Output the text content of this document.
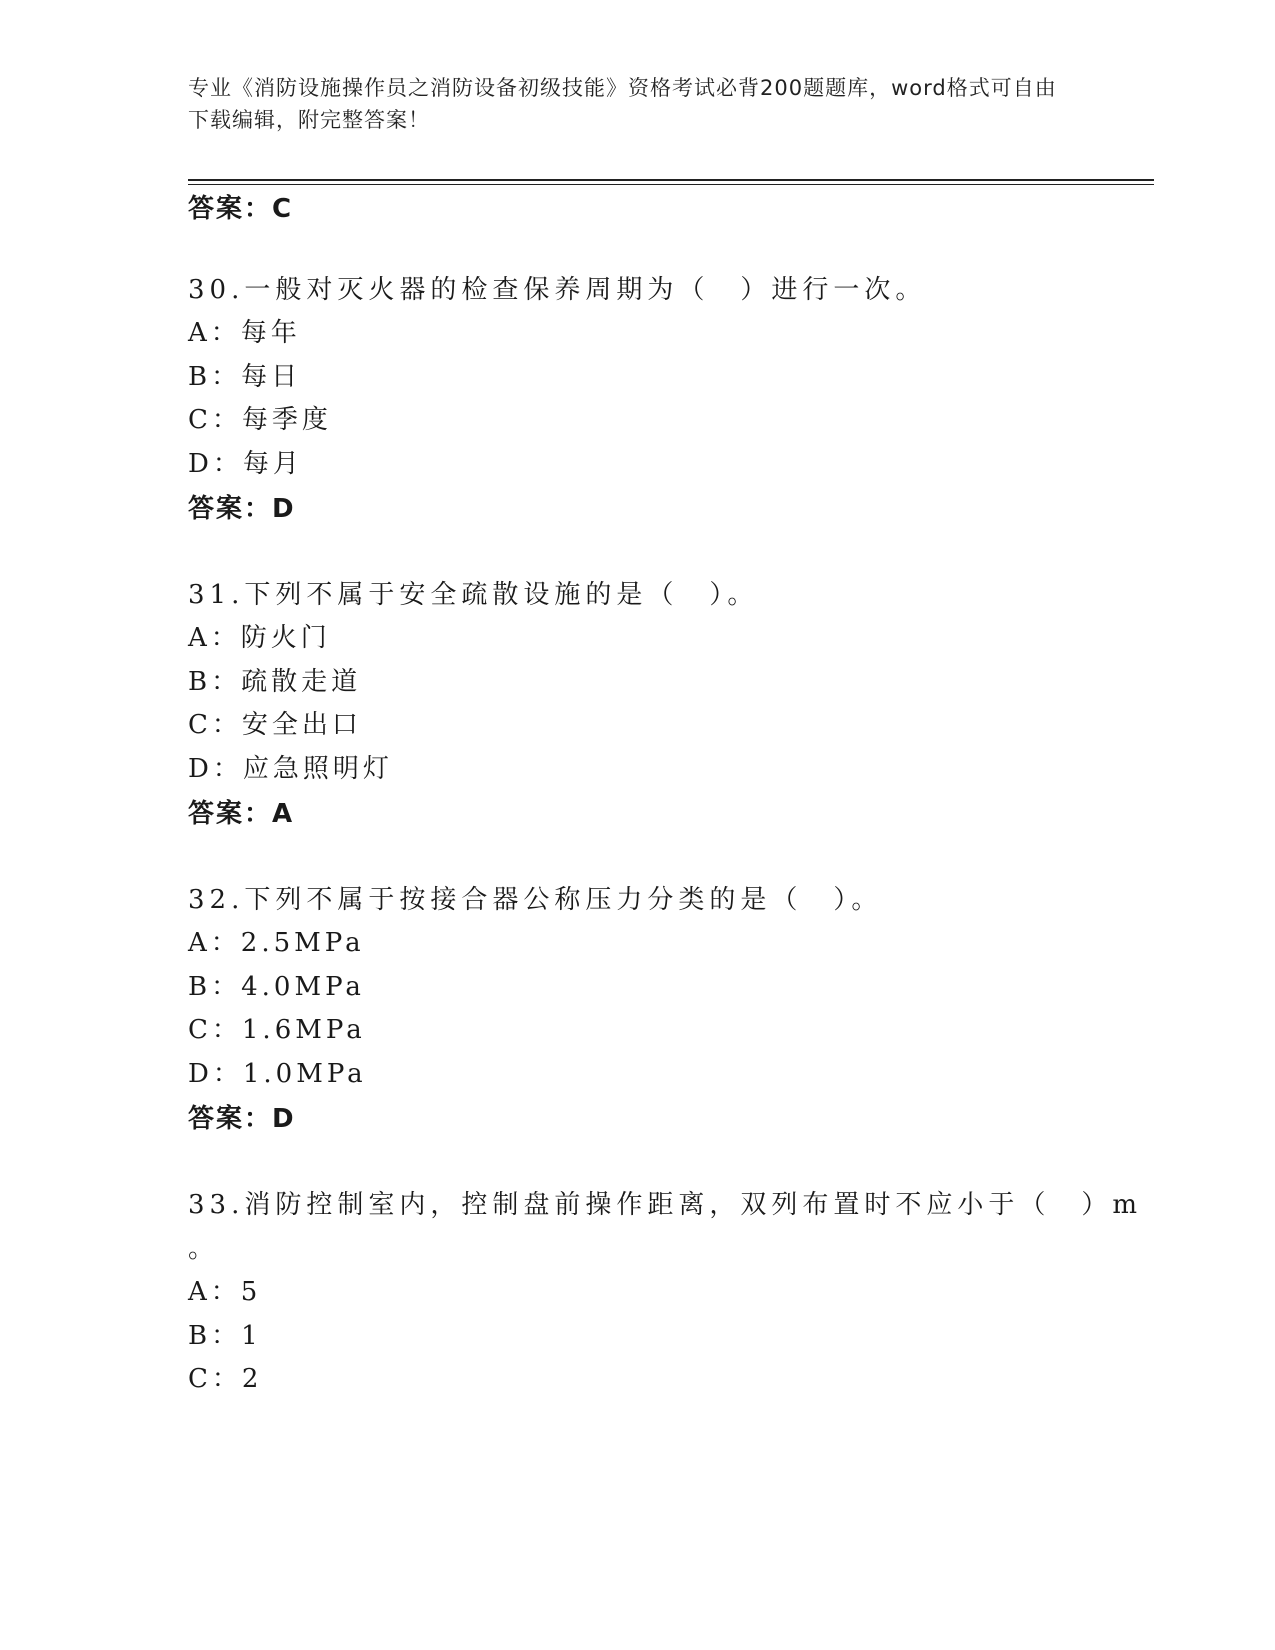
专业《消防设施操作员之消防设备初级技能》资格考试必背200题题库，word格式可自由下载编辑，附完整答案！
答案：C
30.一般对灭火器的检查保养周期为（　）进行一次。
A：每年
B：每日
C：每季度
D：每月
答案：D
31.下列不属于安全疏散设施的是（　）。
A：防火门
B：疏散走道
C：安全出口
D：应急照明灯
答案：A
32.下列不属于按接合器公称压力分类的是（　）。
A：2.5MPa
B：4.0MPa
C：1.6MPa
D：1.0MPa
答案：D
33.消防控制室内，控制盘前操作距离，双列布置时不应小于（　）m
。
A：5
B：1
C：2
